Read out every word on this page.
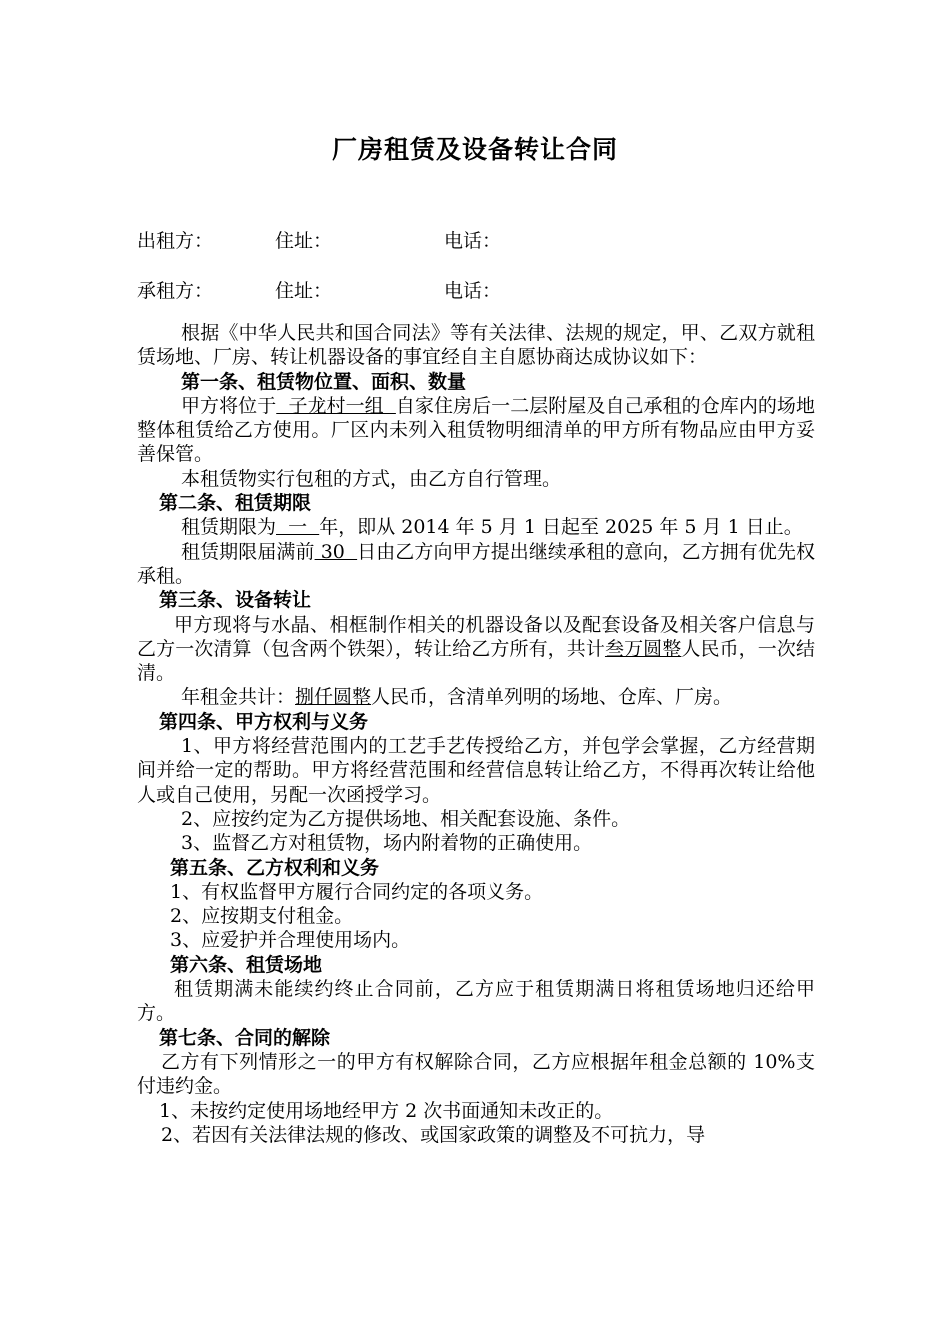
厂房租赁及设备转让合同
出租方：	住址：	电话：
承租方：	住址：	电话：

根据《中华人民共和国合同法》等有关法律、法规的规定，甲、乙双方就租赁场地、厂房、转让机器设备的事宜经自主自愿协商达成协议如下：

第一条、租赁物位置、面积、数量

甲方将位于  子龙村一组  自家住房后一二层附屋及自己承租的仓库内的场地整体租赁给乙方使用。厂区内未列入租赁物明细清单的甲方所有物品应由甲方妥善保管。

本租赁物实行包租的方式，由乙方自行管理。

第二条、租赁期限

租赁期限为  一  年，即从 2014 年 5 月 1 日起至 2025 年 5 月 1 日止。

租赁期限届满前 30  日由乙方向甲方提出继续承租的意向，乙方拥有优先权承租。

第三条、设备转让

甲方现将与水晶、相框制作相关的机器设备以及配套设备及相关客户信息与乙方一次清算（包含两个铁架），转让给乙方所有，共计叁万圆整人民币，一次结清。

年租金共计：捌仟圆整人民币，含清单列明的场地、仓库、厂房。

第四条、甲方权利与义务

1、甲方将经营范围内的工艺手艺传授给乙方，并包学会掌握，乙方经营期间并给一定的帮助。甲方将经营范围和经营信息转让给乙方，不得再次转让给他人或自己使用，另配一次函授学习。

2、应按约定为乙方提供场地、相关配套设施、条件。

3、监督乙方对租赁物，场内附着物的正确使用。

第五条、乙方权利和义务

1、有权监督甲方履行合同约定的各项义务。

2、应按期支付租金。

3、应爱护并合理使用场内。

第六条、租赁场地

租赁期满未能续约终止合同前，乙方应于租赁期满日将租赁场地归还给甲方。

第七条、合同的解除

乙方有下列情形之一的甲方有权解除合同，乙方应根据年租金总额的 10%支付违约金。

1、未按约定使用场地经甲方 2 次书面通知未改正的。

2、若因有关法律法规的修改、或国家政策的调整及不可抗力，导
